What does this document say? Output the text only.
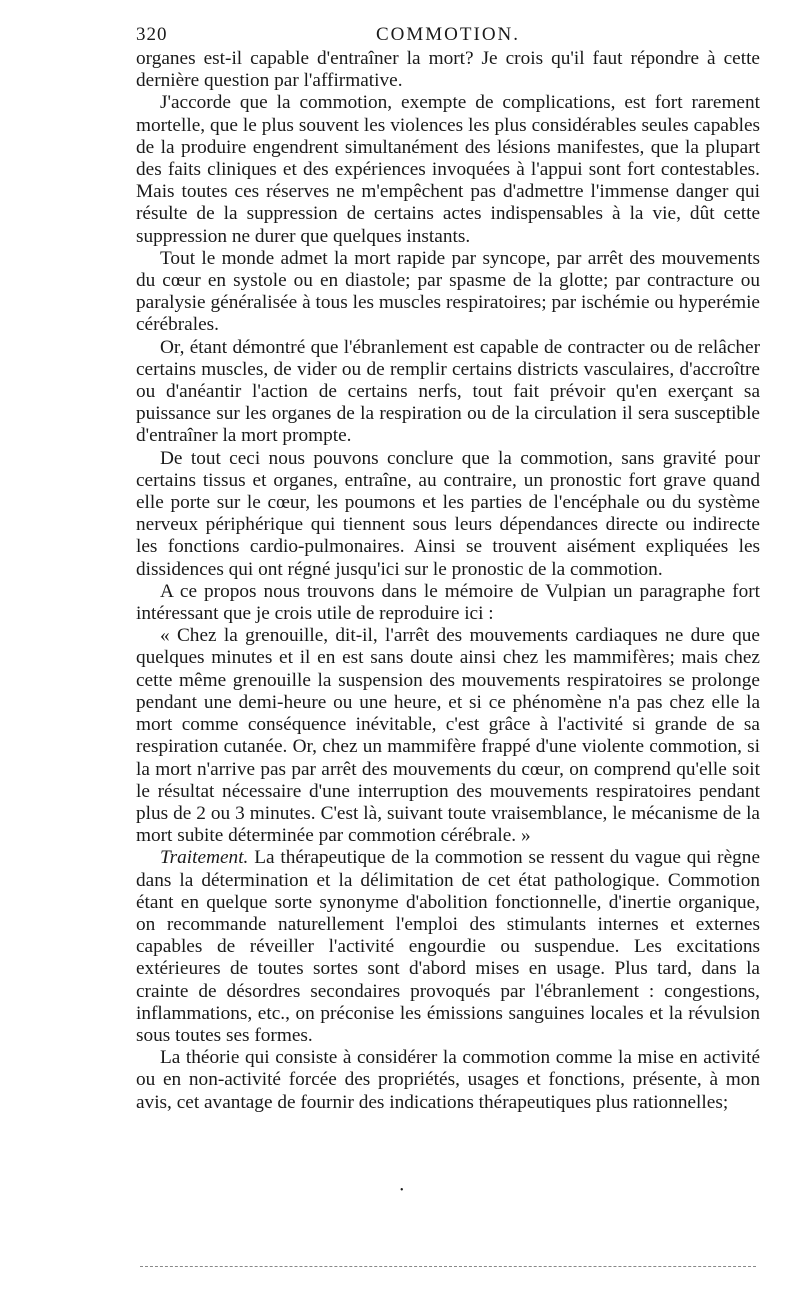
320	COMMOTION.

organes est-il capable d'entraîner la mort? Je crois qu'il faut répondre à cette dernière question par l'affirmative.

J'accorde que la commotion, exempte de complications, est fort rarement mortelle, que le plus souvent les violences les plus considérables seules capables de la produire engendrent simultanément des lésions manifestes, que la plupart des faits cliniques et des expériences invoquées à l'appui sont fort contestables. Mais toutes ces réserves ne m'empêchent pas d'admettre l'immense danger qui résulte de la suppression de certains actes indispensables à la vie, dût cette suppression ne durer que quelques instants.

Tout le monde admet la mort rapide par syncope, par arrêt des mouvements du cœur en systole ou en diastole; par spasme de la glotte; par contracture ou paralysie généralisée à tous les muscles respiratoires; par ischémie ou hyperémie cérébrales.

Or, étant démontré que l'ébranlement est capable de contracter ou de relâcher certains muscles, de vider ou de remplir certains districts vasculaires, d'accroître ou d'anéantir l'action de certains nerfs, tout fait prévoir qu'en exerçant sa puissance sur les organes de la respiration ou de la circulation il sera susceptible d'entraîner la mort prompte.

De tout ceci nous pouvons conclure que la commotion, sans gravité pour certains tissus et organes, entraîne, au contraire, un pronostic fort grave quand elle porte sur le cœur, les poumons et les parties de l'encéphale ou du système nerveux périphérique qui tiennent sous leurs dépendances directe ou indirecte les fonctions cardio-pulmonaires. Ainsi se trouvent aisément expliquées les dissidences qui ont régné jusqu'ici sur le pronostic de la commotion.

A ce propos nous trouvons dans le mémoire de Vulpian un paragraphe fort intéressant que je crois utile de reproduire ici :

« Chez la grenouille, dit-il, l'arrêt des mouvements cardiaques ne dure que quelques minutes et il en est sans doute ainsi chez les mammifères; mais chez cette même grenouille la suspension des mouvements respiratoires se prolonge pendant une demi-heure ou une heure, et si ce phénomène n'a pas chez elle la mort comme conséquence inévitable, c'est grâce à l'activité si grande de sa respiration cutanée. Or, chez un mammifère frappé d'une violente commotion, si la mort n'arrive pas par arrêt des mouvements du cœur, on comprend qu'elle soit le résultat nécessaire d'une interruption des mouvements respiratoires pendant plus de 2 ou 3 minutes. C'est là, suivant toute vraisemblance, le mécanisme de la mort subite déterminée par commotion cérébrale. »

Traitement. La thérapeutique de la commotion se ressent du vague qui règne dans la détermination et la délimitation de cet état pathologique. Commotion étant en quelque sorte synonyme d'abolition fonctionnelle, d'inertie organique, on recommande naturellement l'emploi des stimulants internes et externes capables de réveiller l'activité engourdie ou suspendue. Les excitations extérieures de toutes sortes sont d'abord mises en usage. Plus tard, dans la crainte de désordres secondaires provoqués par l'ébranlement : congestions, inflammations, etc., on préconise les émissions sanguines locales et la révulsion sous toutes ses formes.

La théorie qui consiste à considérer la commotion comme la mise en activité ou en non-activité forcée des propriétés, usages et fonctions, présente, à mon avis, cet avantage de fournir des indications thérapeutiques plus rationnelles;

•
